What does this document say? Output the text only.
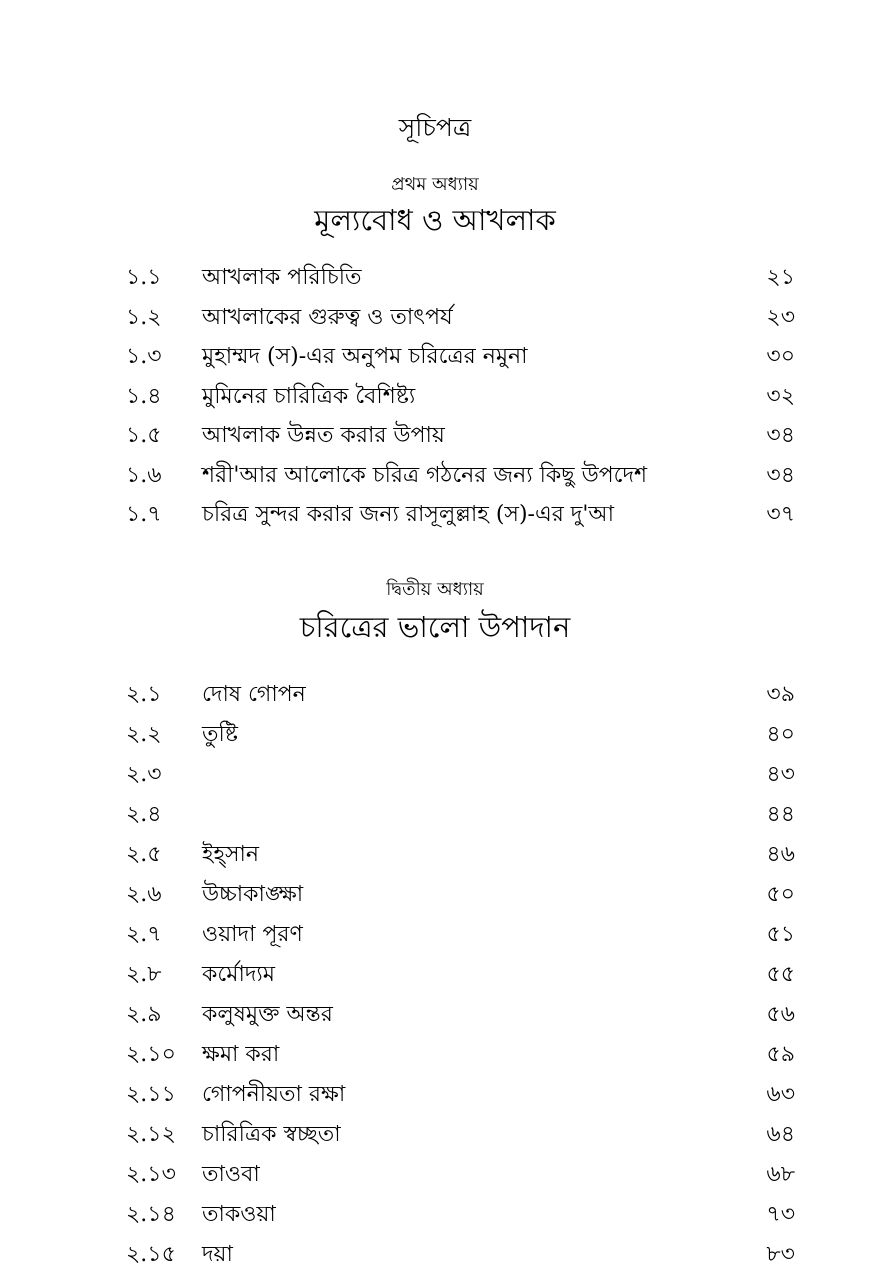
সূচিপত্র
প্রথম অধ্যায়
মূল্যবোধ ও আখলাক
১.১ আখলাক পরিচিতি	২১
১.২ আখলাকের গুরুত্ব ও তাৎপর্য	২৩
১.৩ মুহাম্মদ (স)-এর অনুপম চরিত্রের নমুনা	৩০
১.৪ মুমিনের চারিত্রিক বৈশিষ্ট্য	৩২
১.৫ আখলাক উন্নত করার উপায়	৩৪
১.৬ শরী'আর আলোকে চরিত্র গঠনের জন্য কিছু উপদেশ	৩৪
১.৭ চরিত্র সুন্দর করার জন্য রাসূলুল্লাহ (স)-এর দু'আ	৩৭
দ্বিতীয় অধ্যায়
চরিত্রের ভালো উপাদান
২.১ দোষ গোপন	৩৯
২.২ তুষ্টি	৪০
২.৩	৪৩
২.৪	৪৪
২.৫ ইহ্সান	৪৬
২.৬ উচ্চাকাঙ্ক্ষা	৫০
২.৭ ওয়াদা পূরণ	৫১
২.৮ কর্মোদ্যম	৫৫
২.৯ কলুষমুক্ত অন্তর	৫৬
২.১০ ক্ষমা করা	৫৯
২.১১ গোপনীয়তা রক্ষা	৬৩
২.১২ চারিত্রিক স্বচ্ছতা	৬৪
২.১৩ তাওবা	৬৮
২.১৪ তাকওয়া	৭৩
২.১৫ দয়া	৮৩
